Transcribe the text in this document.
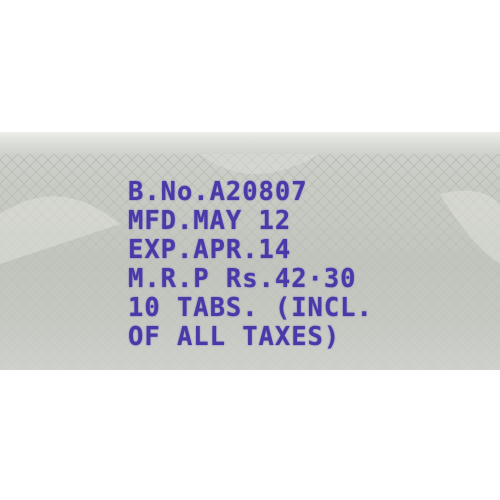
B.No.A20807
MFD.MAY 12
EXP.APR.14
M.R.P Rs.42·30
10 TABS. (INCL.
OF ALL TAXES)
